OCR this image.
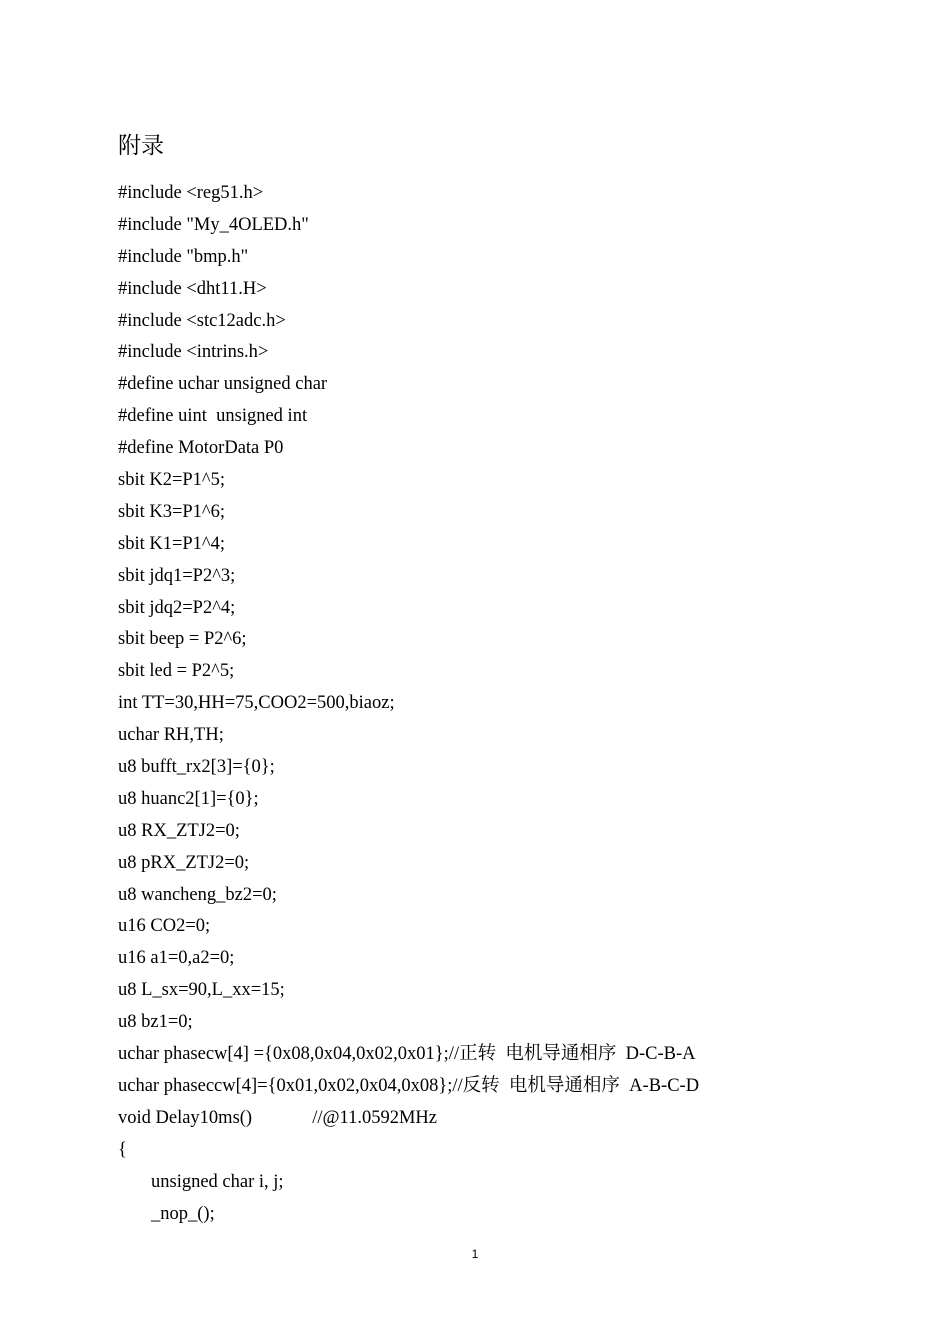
附录
#include <reg51.h>
#include "My_4OLED.h"
#include "bmp.h"
#include <dht11.H>
#include <stc12adc.h>
#include <intrins.h>
#define uchar unsigned char
#define uint  unsigned int
#define MotorData P0
sbit K2=P1^5;
sbit K3=P1^6;
sbit K1=P1^4;
sbit jdq1=P2^3;
sbit jdq2=P2^4;
sbit beep = P2^6;
sbit led = P2^5;
int TT=30,HH=75,COO2=500,biaoz;
uchar RH,TH;
u8 bufft_rx2[3]={0};
u8 huanc2[1]={0};
u8 RX_ZTJ2=0;
u8 pRX_ZTJ2=0;
u8 wancheng_bz2=0;
u16 CO2=0;
u16 a1=0,a2=0;
u8 L_sx=90,L_xx=15;
u8 bz1=0;
uchar phasecw[4] ={0x08,0x04,0x02,0x01};//正转  电机导通相序  D-C-B-A
uchar phaseccw[4]={0x01,0x02,0x04,0x08};//反转  电机导通相序  A-B-C-D
void Delay10ms()             //@11.0592MHz
{
unsigned char i, j;
_nop_();
1
